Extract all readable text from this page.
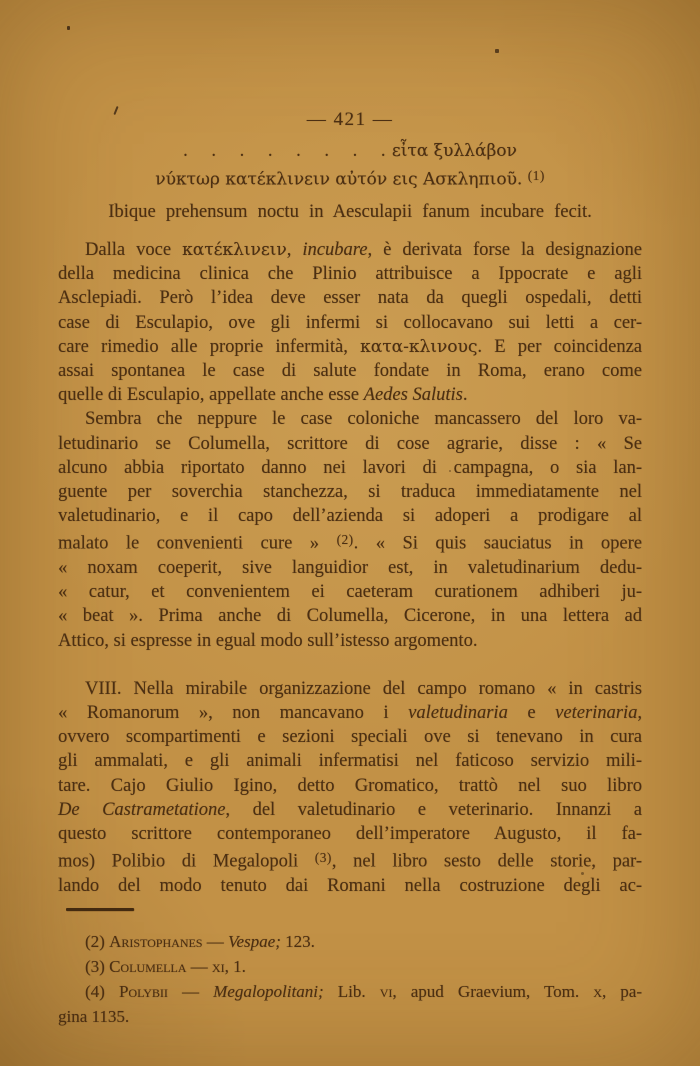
— 421 —
. . . . . . . . εἶτα ξυλλάβον
νύκτωρ κατέκλινειν αὐτόν εις Ασκληπιοῦ. $^{(1)}$
Ibique prehensum noctu in Aesculapii fanum incubare fecit.
Dalla voce κατέκλινειν, incubare, è derivata forse la designazione
della medicina clinica che Plinio attribuisce a Ippocrate e agli
Asclepiadi. Però l’idea deve esser nata da quegli ospedali, detti
case di Esculapio, ove gli infermi si collocavano sui letti a cer-
care rimedio alle proprie infermità, κατα-κλινους. E per coincidenza
assai spontanea le case di salute fondate in Roma, erano come
quelle di Esculapio, appellate anche esse Aedes Salutis.
Sembra che neppure le case coloniche mancassero del loro va-
letudinario se Columella, scrittore di cose agrarie, disse : « Se
alcuno abbia riportato danno nei lavori di campagna, o sia lan-
guente per soverchia stanchezza, si traduca immediatamente nel
valetudinario, e il capo dell’azienda si adoperi a prodigare al
malato le convenienti cure » $^{(2)}$. « Si quis sauciatus in opere
« noxam coeperit, sive languidior est, in valetudinarium dedu-
« catur, et convenientem ei caeteram curationem adhiberi ju-
« beat ». Prima anche di Columella, Cicerone, in una lettera ad
Attico, si espresse in egual modo sull’istesso argomento.
VIII. Nella mirabile organizzazione del campo romano « in castris
« Romanorum », non mancavano i valetudinaria e veterinaria,
ovvero scompartimenti e sezioni speciali ove si tenevano in cura
gli ammalati, e gli animali infermatisi nel faticoso servizio mili-
tare. Cajo Giulio Igino, detto Gromatico, trattò nel suo libro
De Castrametatione, del valetudinario e veterinario. Innanzi a
questo scrittore contemporaneo dell’imperatore Augusto, il fa-
mos) Polibio di Megalopoli $^{(3)}$, nel libro sesto delle storie, par-
lando del modo tenuto dai Romani nella costruzione degli ac-
(2) Aristophanes — Vespae; 123.
(3) Columella — xi, 1.
(4) Polybii — Megalopolitani; Lib. vi, apud Graevium, Tom. x, pa-
gina 1135.
